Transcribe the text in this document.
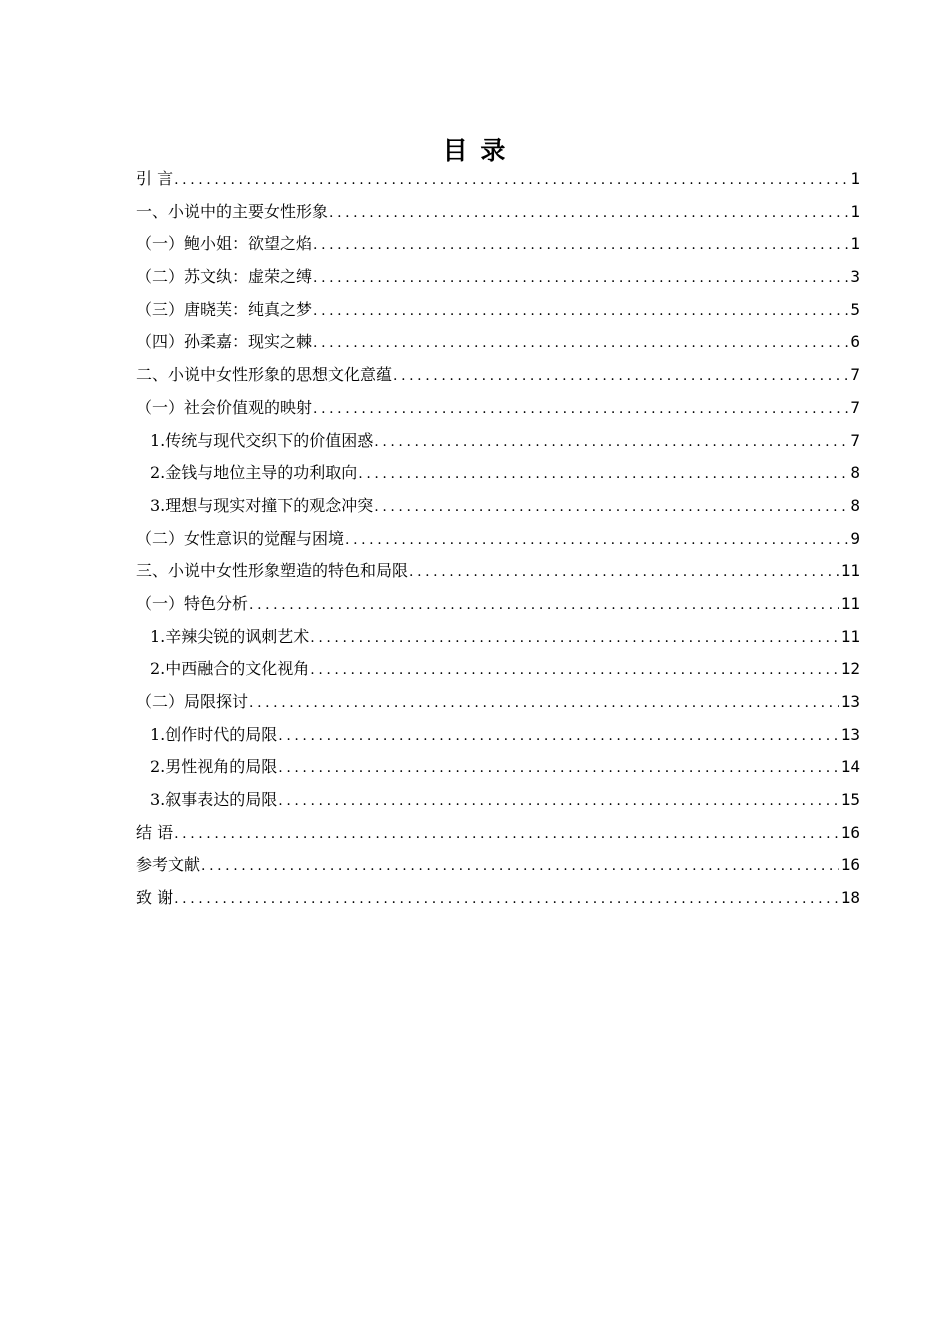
目 录
引 言 .....	1
一、小说中的主要女性形象 .....	1
（一）鲍小姐：欲望之焰 .....	1
（二）苏文纨：虚荣之缚 .....	3
（三）唐晓芙：纯真之梦 .....	5
（四）孙柔嘉：现实之棘 .....	6
二、小说中女性形象的思想文化意蕴 .....	7
（一）社会价值观的映射 .....	7
1.传统与现代交织下的价值困惑 .....	7
2.金钱与地位主导的功利取向 .....	8
3.理想与现实对撞下的观念冲突 .....	8
（二）女性意识的觉醒与困境 .....	9
三、小说中女性形象塑造的特色和局限 .....	11
（一）特色分析 .....	11
1.辛辣尖锐的讽刺艺术 .....	11
2.中西融合的文化视角 .....	12
（二）局限探讨 .....	13
1.创作时代的局限 .....	13
2.男性视角的局限 .....	14
3.叙事表达的局限 .....	15
结 语 .....	16
参考文献 .....	16
致 谢 .....	18
